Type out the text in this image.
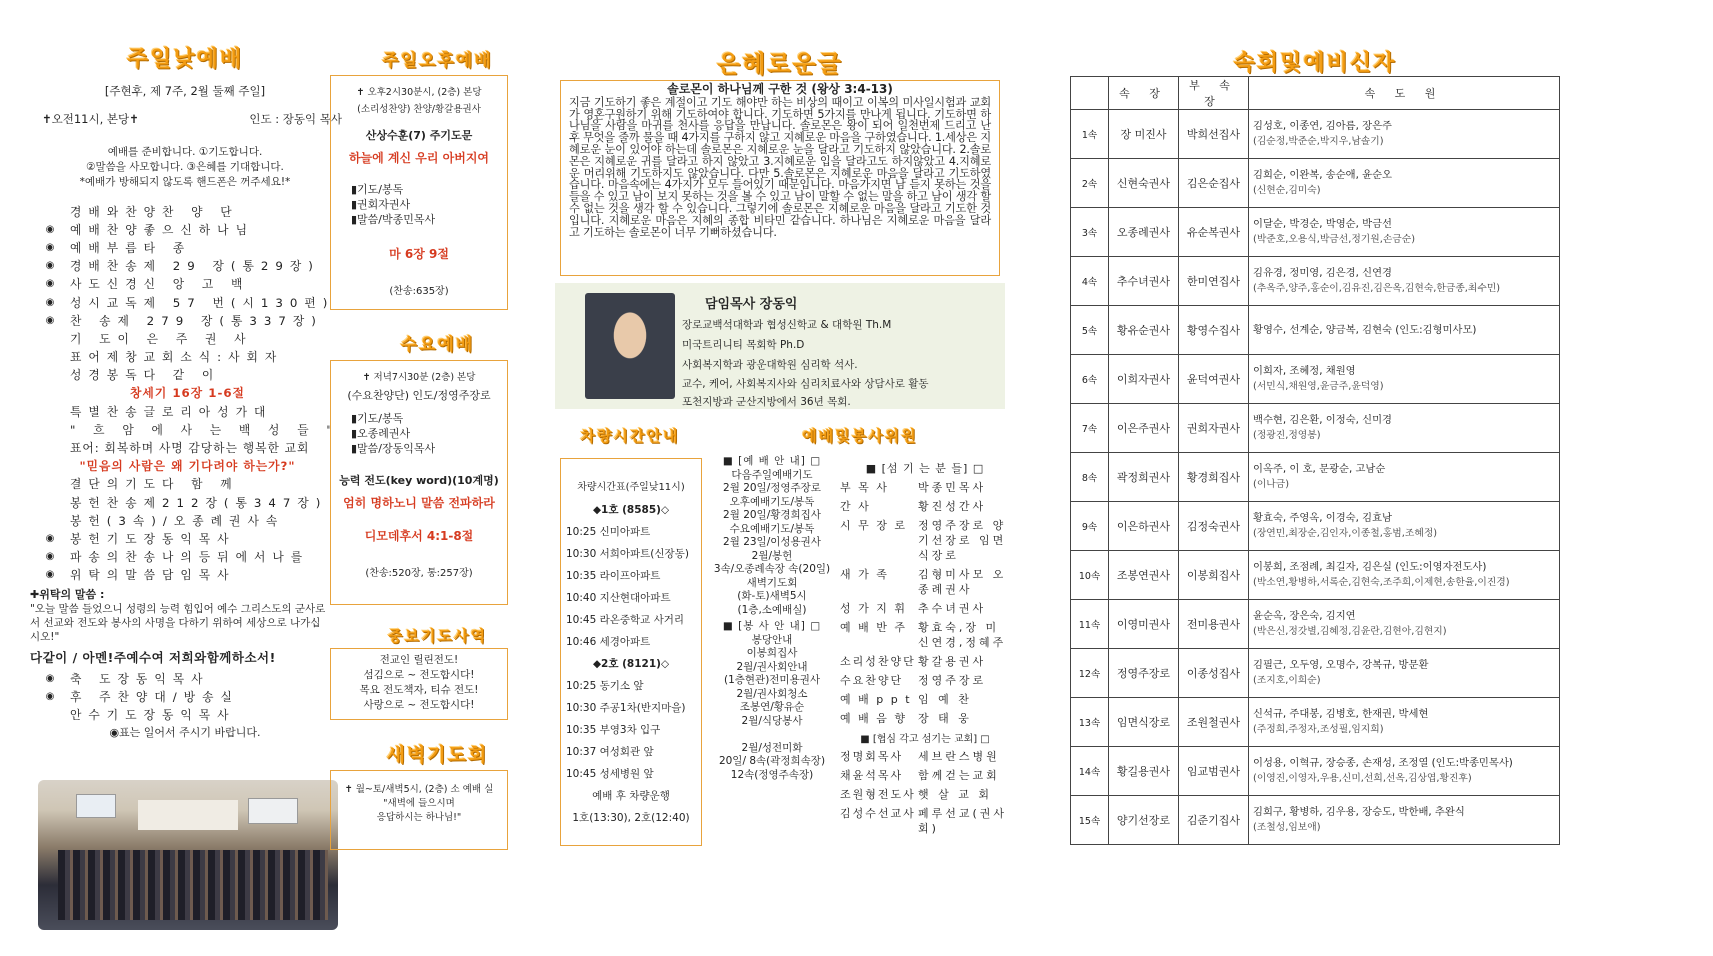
주일낮예배
[주현후, 제 7주, 2월 둘째 주일]
✝오전11시, 본당✝	인도 : 장동익 목사
예배를 준비합니다. ①기도합니다.
②말씀을 사모합니다. ③은혜를 기대합니다.
*예배가 방해되지 않도록 핸드폰은 꺼주세요!*
경배와찬양찬 양 단
◉	예배찬양좋으신하나님
◉	예배부름타 종
◉	경배찬송제 29 장(통29장)
◉	사도신경신 앙 고 백
◉	성시교독제 57 번(시130편)
◉	찬 송제 279 장(통337장)
기 도이 은 주 권 사
표어제창교회소식:사회자
성경봉독다 같 이
창세기 16장 1-6절
특별찬송글로리아성가대
" 흐 암 에 사 는 백 성 들 "
표어: 회복하며 사명 감당하는 행복한 교회
"믿음의 사람은 왜 기다려야 하는가?"
결단의기도다 함 께
봉헌찬송제212장(통347장)
봉헌(3속)/오종례권사속
◉	봉헌기도장동익목사
◉	파송의찬송나의등뒤에서나를
◉	위탁의말씀담임목사
✚위탁의 말씀 :
"오늘 말씀 들었으니 성령의 능력 힘입어 예수 그리스도의 군사로서 선교와 전도와 봉사의 사명을 다하기 위하여 세상으로 나가십시오!"
다같이 / 아멘!주예수여 저희와함께하소서!
◉	축 도장동익목사
◉	후 주찬양대/방송실
안수기도장동익목사
◉표는 일어서 주시기 바랍니다.
주일오후예배
✝ 오후2시30분시, (2층) 본당
(소리성찬양) 찬양/황갈용권사
산상수훈(7) 주기도문
하늘에 계신 우리 아버지여
▮기도/봉독
▮권회자권사
▮말씀/박종민목사
마 6장 9절
(찬송:635장)
수요예배
✝ 저녁7시30분 (2층) 본당
(수요찬양단) 인도/정영주장로
▮기도/봉독
▮오종례권사
▮말씀/장동익목사
능력 전도(key word)(10계명)
엄히 명하노니 말씀 전파하라
디모데후서 4:1-8절
(찬송:520장, 통:257장)
중보기도사역
전교인 릴린전도!
섬김으로 ~ 전도합시다!
목요 전도책자, 티슈 전도!
사랑으로 ~ 전도합시다!
새벽기도회
✝ 월~토/새벽5시, (2층) 소 예배 실
"새벽에 들으시며
응답하시는 하나님!"
은혜로운글
솔로몬이 하나님께 구한 것 (왕상 3:4-13)
지금 기도하기 좋은 계절이고 기도 해야만 하는 비상의 때이고 이복의 미사일시험과 교회가 영혼구원하기 위해 기도하여야 합니다. 기도하면 5가지를 만나게 됩니다. 기도하면 하나님을 사람을 마귀를 천사를 응답을 만납니다. 솔로몬은 왕이 되어 일천번제 드리고 난 후 무엇을 줄까 물을 때 4가지를 구하지 않고 지혜로운 마음을 구하였습니다. 1.세상은 지혜로운 눈이 있어야 하는데 솔로몬은 지혜로운 눈을 달라고 기도하지 않았습니다. 2.솔로몬은 지혜로운 귀를 달라고 하지 않았고 3.지혜로운 입을 달라고도 하지않았고 4.지혜로운 머리위해 기도하지도 않았습니다. 다만 5.솔로몬은 지혜로운 마음을 달라고 기도하였습니다. 마음속에는 4가지가 모두 들어있기 때문입니다. 마음가지면 남 듣지 못하는 것을 들을 수 있고 남이 보지 못하는 것을 볼 수 있고 남이 말할 수 없는 말을 하고 남이 생각 할 수 없는 것을 생각 할 수 있습니다. 그렇기에 솔로몬은 지혜로운 마음을 달라고 기도한 것입니다. 지혜로운 마음은 지혜의 종합 비타민 같습니다. 하나님은 지혜로운 마음을 달라고 기도하는 솔로몬이 너무 기뻐하셨습니다.
담임목사 장동익
장로교백석대학과 협성신학교 & 대학원 Th.M
미국트리니티 목회학 Ph.D
사회복지학과 광운대학원 심리학 석사.
교수, 케어, 사회복지사와 심리치료사와 상담사로 활동
포천지방과 군산지방에서 36년 목회.
차량시간안내
차량시간표(주일낮11시)
◆1호 (8585)◇
10:25 신미아파트
10:30 서희아파트(신장동)
10:35 라이프아파트
10:40 지산현대아파트
10:45 라온중학교 사거리
10:46 세경아파트
◆2호 (8121)◇
10:25 동기소 앞
10:30 주공1차(반지마을)
10:35 부영3차 입구
10:37 여성회관 앞
10:45 성세병원 앞
예배 후 차량운행
1호(13:30), 2호(12:40)
예배및봉사위원
■ [예 배 안 내] □
다음주일예배기도
2월 20일/정영주장로
오후예배기도/봉독
2월 20일/황경희집사
수요예배기도/봉독
2월 23일/이성용권사
2월/봉헌
3속/오종례속장 속(20일)
새벽기도회
(화-토)새벽5시
(1층,소예배실)
■ [봉 사 안 내] □
봉당안내
이봉희집사
2월/권사회안내
(1층현관)전미용권사
2월/권사회청소
조봉연/황유순
2월/식당봉사
2월/성전미화
20일/ 8속(곽정희속장)
12속(정영주속장)
■ [섬 기 는 분 들] □
부 목 사	박종민목사
간 사	황진성간사
시 무 장 로	정영주장로 양기선장로 임면식장로
새 가 족	김형미사모 오종례권사
성 가 지 휘	추수녀권사
예 배 반 주	황효숙,장 미 신연경,정혜주
소리성찬양단 황갈용권사
수요찬양단	정영주장로
예 배 p p t 임 예 찬
예 배 음 향	장 태 웅
■ [협심 각고 섬기는 교회] □
정명회목사	세브란스병원
채윤석목사	함께걷는교회
조원형전도사 햇 살 교 회
김성수선교사 페루선교(권사회)
속회및예비신자
	속 장	부 속 장	속 도 원
1속	장 미진사	박희선집사	김성호, 이종연, 김아름, 장은주
(김순정,박준순,박지우,남솔기)

2속	신현숙권사	김은순집사	김희순, 이완복, 송순애, 윤순오
(신현순,김미숙)

3속	오종례권사	유순복권사	이달순, 박경순, 박영순, 박금선
(박준호,오용식,박금선,정기원,손금순)

4속	추수녀권사	한미연집사	김유경, 정미영, 김은경, 신연경
(추옥주,양주,홍순이,김유진,김은옥,김현숙,한금종,최수민)

5속	황유순권사	황영수집사	황영수, 선계순, 양금복, 김현숙 (인도:김형미사모)

6속	이희자권사	윤덕여권사	이희자, 조혜정, 채원영
(서민식,채원영,윤금주,윤덕영)

7속	이은주권사	권희자권사	백수현, 김은환, 이정숙, 신미경
(정광진,정영봉)

8속	곽정희권사	황경희집사	이옥주, 이 호, 문광순, 고남순
(이나금)

9속	이은하권사	김정숙권사	황효숙, 주영옥, 이경숙, 김효남
(장연민,최장순,김인자,이종철,홍범,조혜정)

10속	조봉연권사	이봉희집사	이봉희, 조점례, 최길자, 김은실 (인도:이영자전도사)
(박소연,황병하,서록순,김현숙,조주희,이제현,송한율,이진경)

11속	이영미권사	전미용권사	윤순옥, 장은숙, 김지연
(박은신,정갓별,김혜정,김윤란,김현아,김현지)

12속	정영주장로	이종성집사	김필근, 오두영, 오명수, 강복규, 방문환
(조지호,이희순)

13속	임면식장로	조원철권사	신석규, 주대봉, 김병호, 한재권, 박세현
(주정희,주정자,조성필,임지희)

14속	황길용권사	임교범권사	이성용, 이혁규, 장승종, 손재성, 조정열 (인도:박종민목사)
(이영진,이영자,우용,신미,선희,선옥,김상엽,황진후)

15속	양기선장로	김준기집사	김희구, 황병하, 김우용, 장승도, 박한배, 추완식
(조철성,임보애)
